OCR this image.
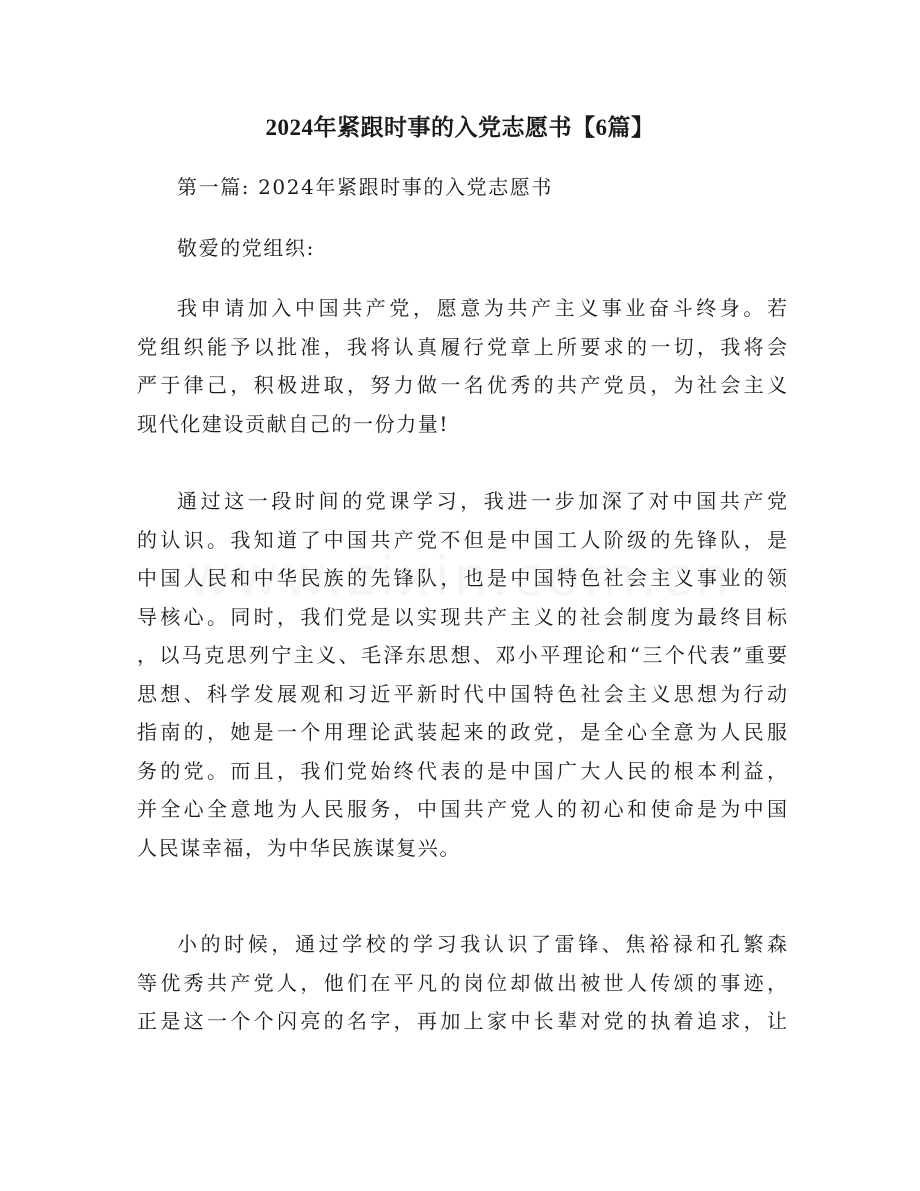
2024年紧跟时事的入党志愿书【6篇】

第一篇: 2024年紧跟时事的入党志愿书

敬爱的党组织:

我申请加入中国共产党，愿意为共产主义事业奋斗终身。若
党组织能予以批准，我将认真履行党章上所要求的一切，我将会
严于律己，积极进取，努力做一名优秀的共产党员，为社会主义
现代化建设贡献自己的一份力量!
通过这一段时间的党课学习，我进一步加深了对中国共产党
的认识。我知道了中国共产党不但是中国工人阶级的先锋队，是
中国人民和中华民族的先锋队，也是中国特色社会主义事业的领
导核心。同时，我们党是以实现共产主义的社会制度为最终目标
，以马克思列宁主义、毛泽东思想、邓小平理论和“三个代表”重要
思想、科学发展观和习近平新时代中国特色社会主义思想为行动
指南的，她是一个用理论武装起来的政党，是全心全意为人民服
务的党。而且，我们党始终代表的是中国广大人民的根本利益，
并全心全意地为人民服务，中国共产党人的初心和使命是为中国
人民谋幸福，为中华民族谋复兴。
小的时候，通过学校的学习我认识了雷锋、焦裕禄和孔繁森
等优秀共产党人，他们在平凡的岗位却做出被世人传颂的事迹，
正是这一个个闪亮的名字，再加上家中长辈对党的执着追求，让
